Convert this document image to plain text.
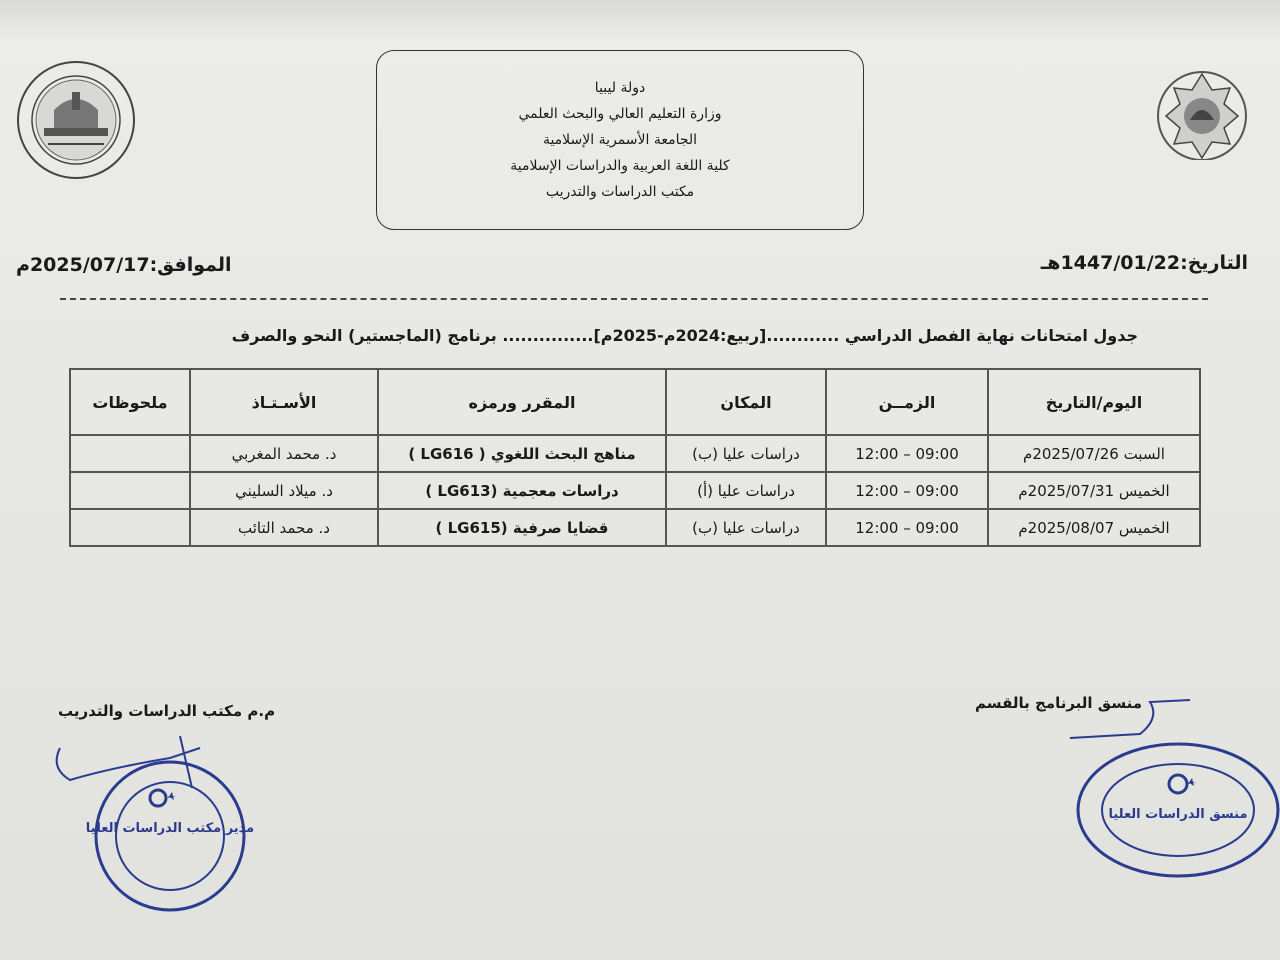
دولة ليبيا
وزارة التعليم العالي والبحث العلمي
الجامعة الأسمرية الإسلامية
كلية اللغة العربية والدراسات الإسلامية
مكتب الدراسات والتدريب
التاريخ:1447/01/22هـ
الموافق:2025/07/17م
جدول امتحانات نهاية الفصل الدراسي ............[ربيع:2024م-2025م]............... برنامج (الماجستير) النحو والصرف
اليوم/التاريخ	الزمــن	المكان	المقرر ورمزه	الأسـتـاذ	ملحوظات
السبت 2025/07/26م	09:00 – 12:00	دراسات عليا (ب)	مناهج البحث اللغوي ( LG616 )	د. محمد المغربي	
الخميس 2025/07/31م	09:00 – 12:00	دراسات عليا (أ)	دراسات معجمية (LG613 )	د. ميلاد السليني	
الخميس 2025/08/07م	09:00 – 12:00	دراسات عليا (ب)	قضايا صرفية (LG615 )	د. محمد التائب	
منسق البرنامج بالقسم
م.م مكتب الدراسات والتدريب
مدير مكتب الدراسات العليا
منسق الدراسات العليا
